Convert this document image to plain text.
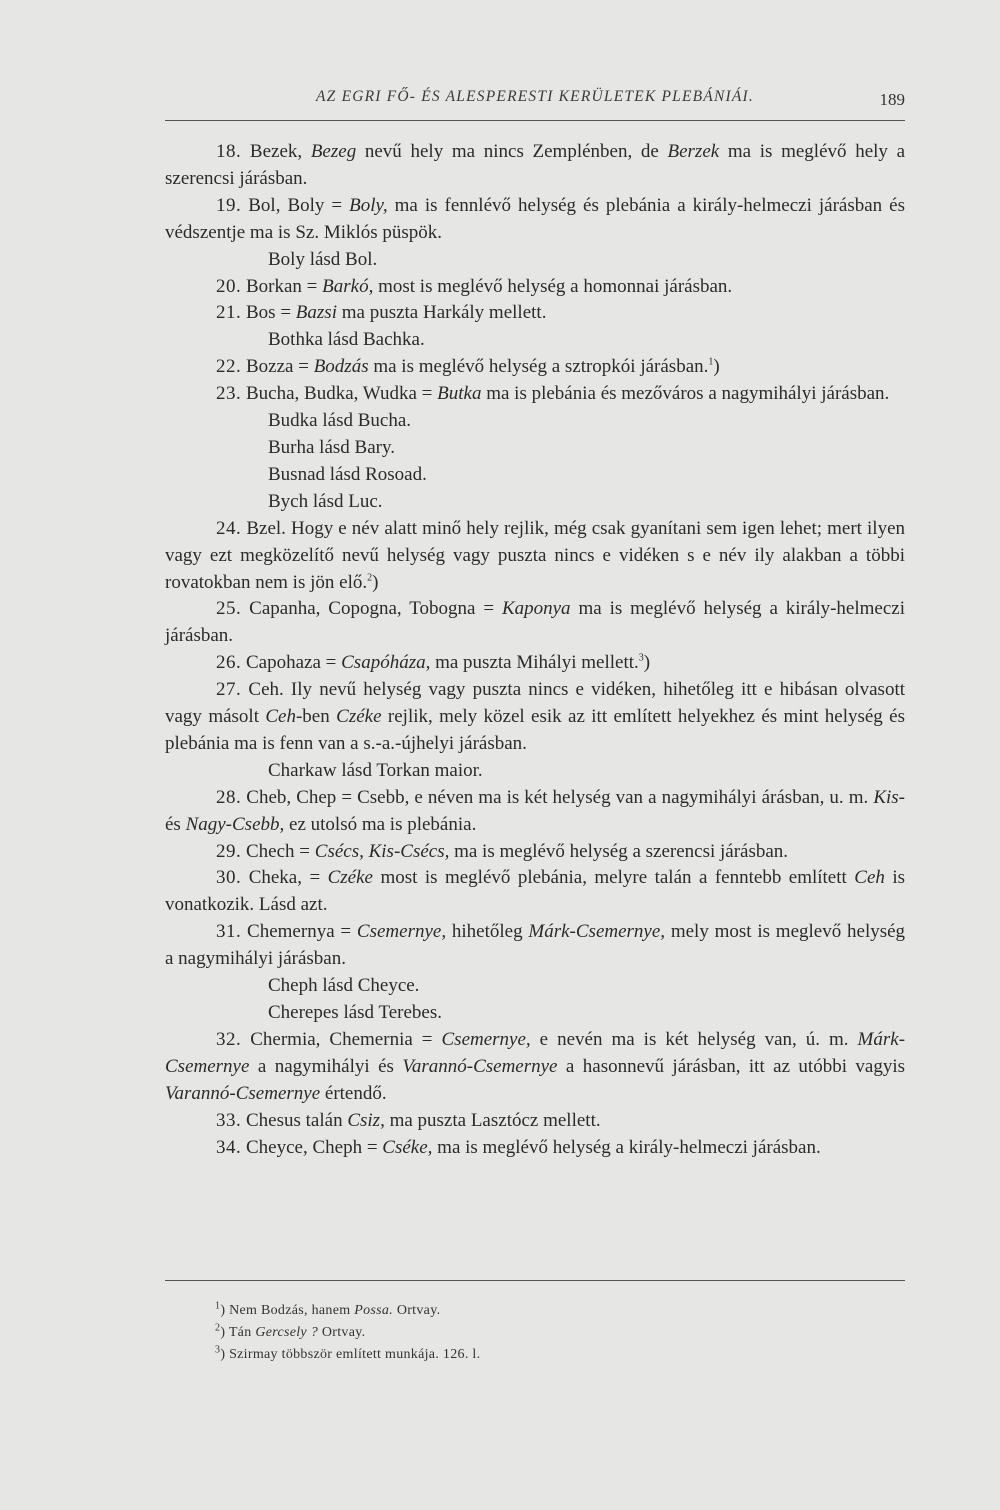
AZ EGRI FŐ- ÉS ALESPERESTI KERÜLETEK PLEBÁNIÁI.	189

18. Bezek, Bezeg nevű hely ma nincs Zemplénben, de Berzek ma is meglévő hely a szerencsi járásban.

19. Bol, Boly = Boly, ma is fennlévő helység és plebánia a király-helmeczi járásban és védszentje ma is Sz. Miklós püspök.

Boly lásd Bol.

20. Borkan = Barkó, most is meglévő helység a homonnai járásban.

21. Bos = Bazsi ma puszta Harkály mellett.

Bothka lásd Bachka.

22. Bozza = Bodzás ma is meglévő helység a sztropkói járásban.$^1$)

23. Bucha, Budka, Wudka = Butka ma is plebánia és mezőváros a nagymihályi járásban.

Budka lásd Bucha.

Burha lásd Bary.

Busnad lásd Rosoad.

Bych lásd Luc.

24. Bzel. Hogy e név alatt minő hely rejlik, még csak gyanítani sem igen lehet; mert ilyen vagy ezt megközelítő nevű helység vagy puszta nincs e vidéken s e név ily alakban a többi rovatokban nem is jön elő.$^2$)

25. Capanha, Copogna, Tobogna = Kaponya ma is meglévő helység a király-helmeczi járásban.

26. Capohaza = Csapóháza, ma puszta Mihályi mellett.$^3$)

27. Ceh. Ily nevű helység vagy puszta nincs e vidéken, hihetőleg itt e hibásan olvasott vagy másolt Ceh-ben Czéke rejlik, mely közel esik az itt említett helyekhez és mint helység és plebánia ma is fenn van a s.-a.-újhelyi járásban.

Charkaw lásd Torkan maior.

28. Cheb, Chep = Csebb, e néven ma is két helység van a nagymihályi árásban, u. m. Kis- és Nagy-Csebb, ez utolsó ma is plebánia.

29. Chech = Csécs, Kis-Csécs, ma is meglévő helység a szerencsi járásban.

30. Cheka, = Czéke most is meglévő plebánia, melyre talán a fenntebb említett Ceh is vonatkozik. Lásd azt.

31. Chemernya = Csemernye, hihetőleg Márk-Csemernye, mely most is meglevő helység a nagymihályi járásban.

Cheph lásd Cheyce.

Cherepes lásd Terebes.

32. Chermia, Chemernia = Csemernye, e nevén ma is két helység van, ú. m. Márk-Csemernye a nagymihályi és Varannó-Csemernye a hasonnevű járásban, itt az utóbbi vagyis Varannó-Csemernye értendő.

33. Chesus talán Csiz, ma puszta Lasztócz mellett.

34. Cheyce, Cheph = Cséke, ma is meglévő helység a király-helmeczi járásban.

$^1$) Nem Bodzás, hanem Possa. Ortvay.

$^2$) Tán Gercsely ? Ortvay.

$^3$) Szirmay többször említett munkája. 126. l.
